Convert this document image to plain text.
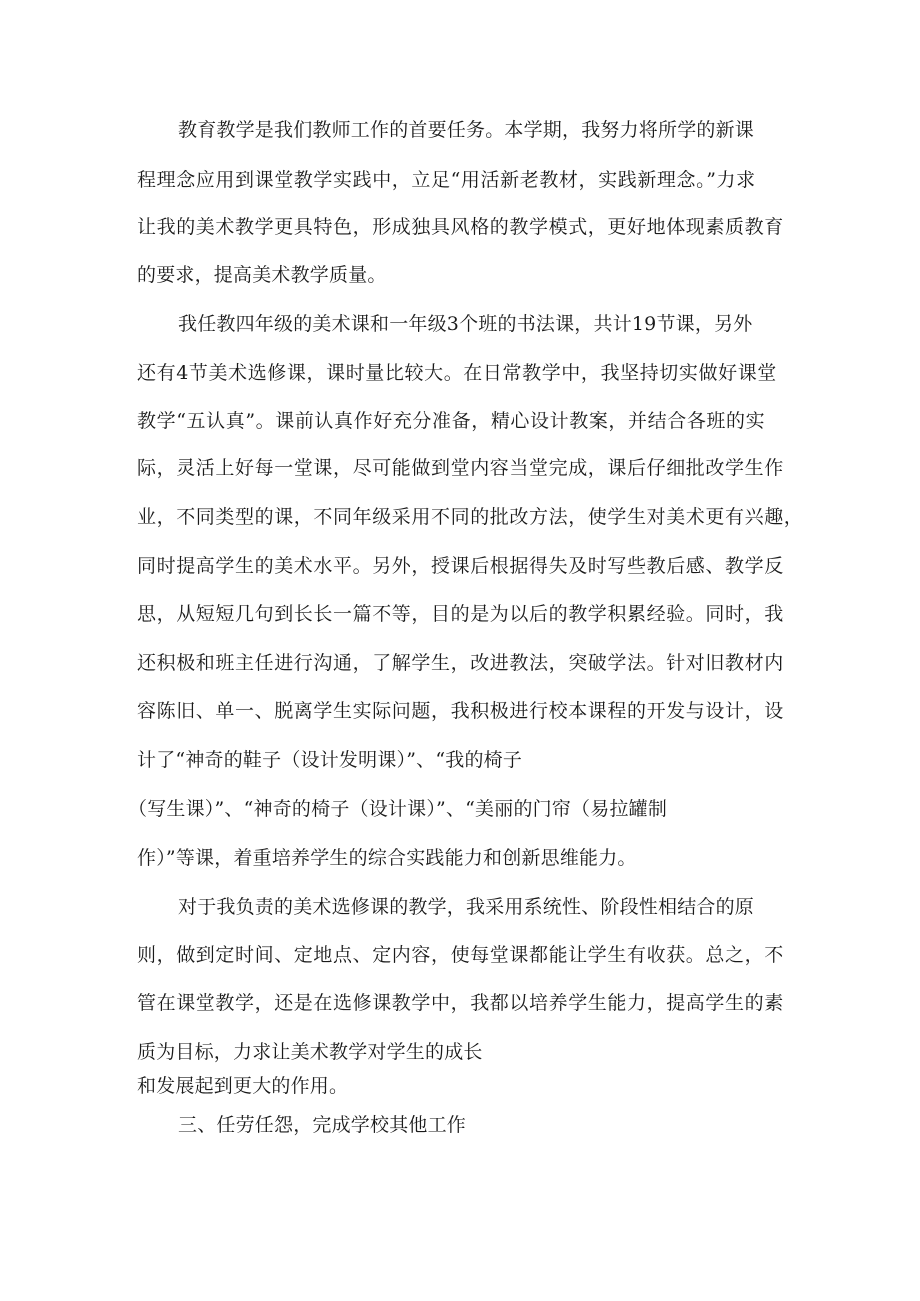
教育教学是我们教师工作的首要任务。本学期，我努力将所学的新课
程理念应用到课堂教学实践中，立足“用活新老教材，实践新理念。”力求
让我的美术教学更具特色，形成独具风格的教学模式，更好地体现素质教育
的要求，提高美术教学质量。
我任教四年级的美术课和一年级3个班的书法课，共计19节课，另外
还有4节美术选修课，课时量比较大。在日常教学中，我坚持切实做好课堂
教学“五认真”。课前认真作好充分准备，精心设计教案，并结合各班的实
际，灵活上好每一堂课，尽可能做到堂内容当堂完成，课后仔细批改学生作
业，不同类型的课，不同年级采用不同的批改方法，使学生对美术更有兴趣，
同时提高学生的美术水平。另外，授课后根据得失及时写些教后感、教学反
思，从短短几句到长长一篇不等，目的是为以后的教学积累经验。同时，我
还积极和班主任进行沟通，了解学生，改进教法，突破学法。针对旧教材内
容陈旧、单一、脱离学生实际问题，我积极进行校本课程的开发与设计，设
计了“神奇的鞋子（设计发明课）”、“我的椅子
（写生课）”、“神奇的椅子（设计课）”、“美丽的门帘（易拉罐制
作）”等课，着重培养学生的综合实践能力和创新思维能力。
对于我负责的美术选修课的教学，我采用系统性、阶段性相结合的原
则，做到定时间、定地点、定内容，使每堂课都能让学生有收获。总之，不
管在课堂教学，还是在选修课教学中，我都以培养学生能力，提高学生的素
质为目标，力求让美术教学对学生的成长
和发展起到更大的作用。
三、任劳任怨，完成学校其他工作
